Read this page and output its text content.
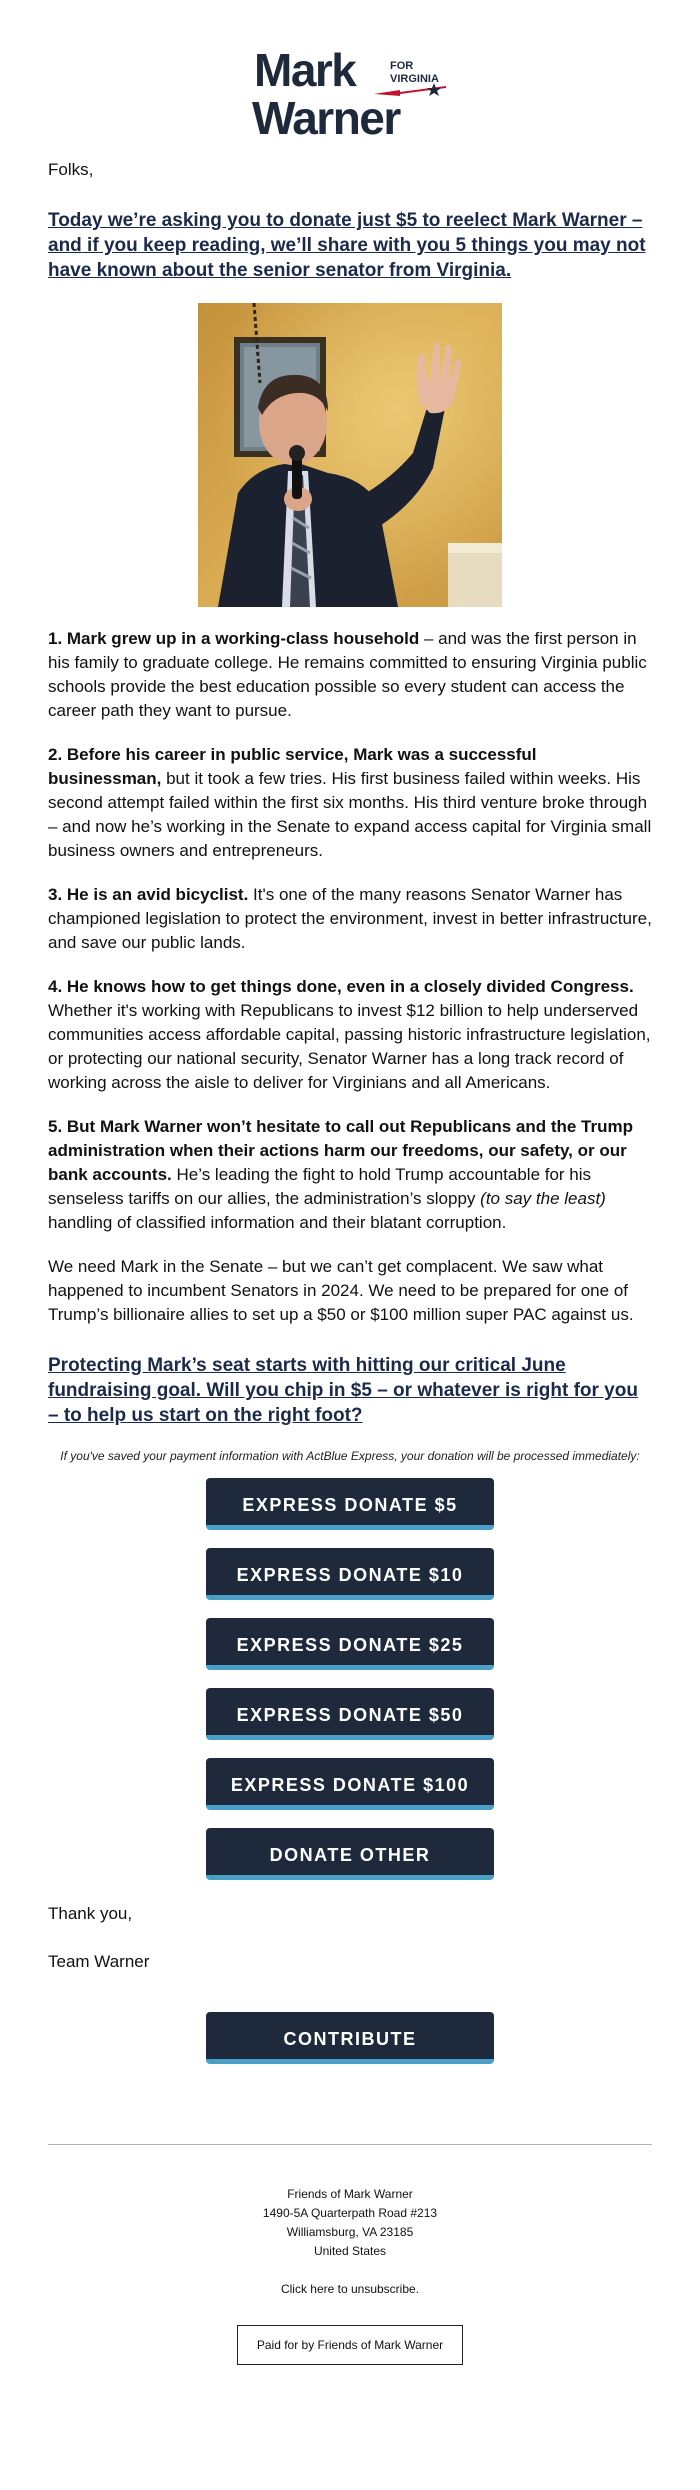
Mark	FOR
VIRGINIA
Warner

Folks,

Today we’re asking you to donate just $5 to reelect Mark Warner – and if you keep reading, we’ll share with you 5 things you may not have known about the senior senator from Virginia.

1. Mark grew up in a working-class household – and was the first person in his family to graduate college. He remains committed to ensuring Virginia public schools provide the best education possible so every student can access the career path they want to pursue.

2. Before his career in public service, Mark was a successful businessman, but it took a few tries. His first business failed within weeks. His second attempt failed within the first six months. His third venture broke through – and now he’s working in the Senate to expand access capital for Virginia small business owners and entrepreneurs.

3. He is an avid bicyclist. It's one of the many reasons Senator Warner has championed legislation to protect the environment, invest in better infrastructure, and save our public lands.

4. He knows how to get things done, even in a closely divided Congress. Whether it's working with Republicans to invest $12 billion to help underserved communities access affordable capital, passing historic infrastructure legislation, or protecting our national security, Senator Warner has a long track record of working across the aisle to deliver for Virginians and all Americans.

5. But Mark Warner won’t hesitate to call out Republicans and the Trump administration when their actions harm our freedoms, our safety, or our bank accounts. He’s leading the fight to hold Trump accountable for his senseless tariffs on our allies, the administration’s sloppy (to say the least) handling of classified information and their blatant corruption.

We need Mark in the Senate – but we can’t get complacent. We saw what happened to incumbent Senators in 2024. We need to be prepared for one of Trump’s billionaire allies to set up a $50 or $100 million super PAC against us.

Protecting Mark’s seat starts with hitting our critical June fundraising goal. Will you chip in $5 – or whatever is right for you – to help us start on the right foot?

If you've saved your payment information with ActBlue Express, your donation will be processed immediately:

EXPRESS DONATE $5
EXPRESS DONATE $10
EXPRESS DONATE $25
EXPRESS DONATE $50
EXPRESS DONATE $100
DONATE OTHER

Thank you,

Team Warner

CONTRIBUTE
Friends of Mark Warner
1490-5A Quarterpath Road #213
Williamsburg, VA 23185
United States
Click here to unsubscribe.
Paid for by Friends of Mark Warner
